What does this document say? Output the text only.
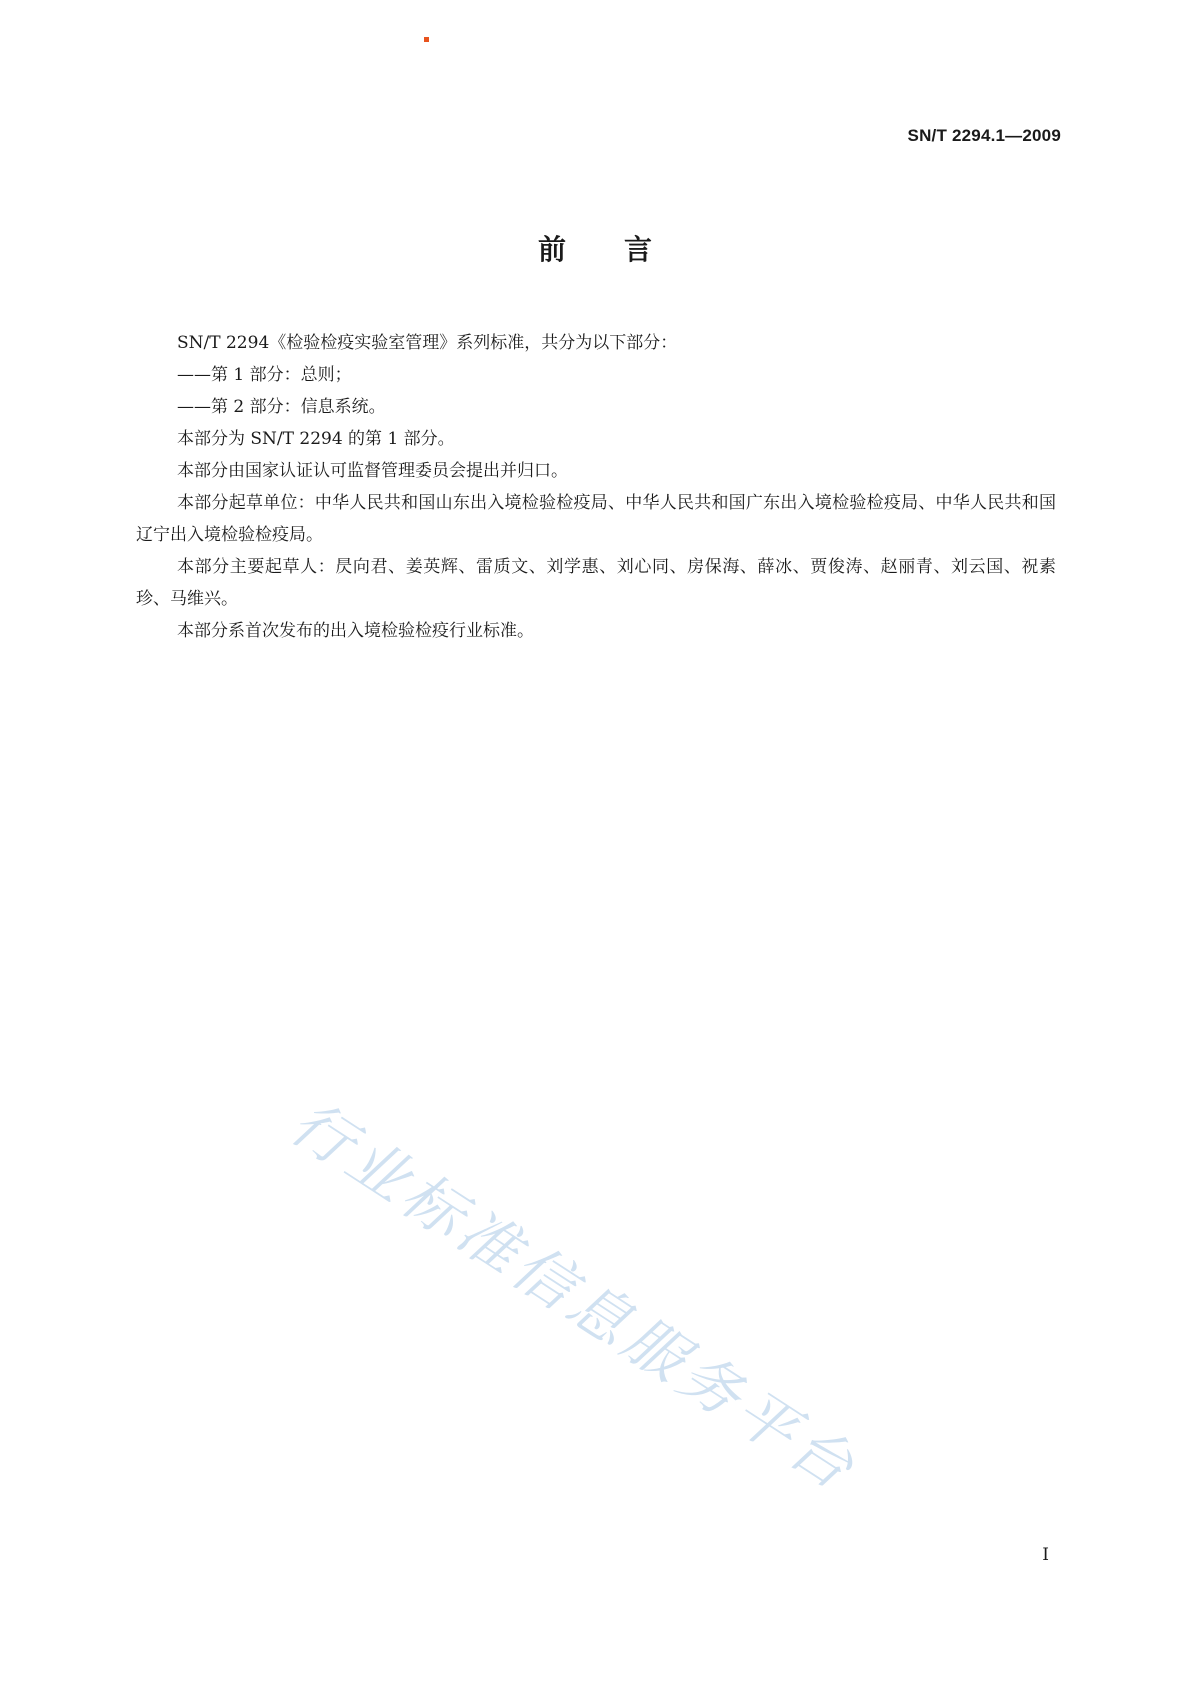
SN/T 2294.1—2009
前言

SN/T 2294《检验检疫实验室管理》系列标准，共分为以下部分：

——第 1 部分：总则；

——第 2 部分：信息系统。

本部分为 SN/T 2294 的第 1 部分。

本部分由国家认证认可监督管理委员会提出并归口。

本部分起草单位：中华人民共和国山东出入境检验检疫局、中华人民共和国广东出入境检验检疫局、中华人民共和国辽宁出入境检验检疫局。

本部分主要起草人：昃向君、姜英辉、雷质文、刘学惠、刘心同、房保海、薛冰、贾俊涛、赵丽青、刘云国、祝素珍、马维兴。

本部分系首次发布的出入境检验检疫行业标准。

行业标准信息服务平台
I
